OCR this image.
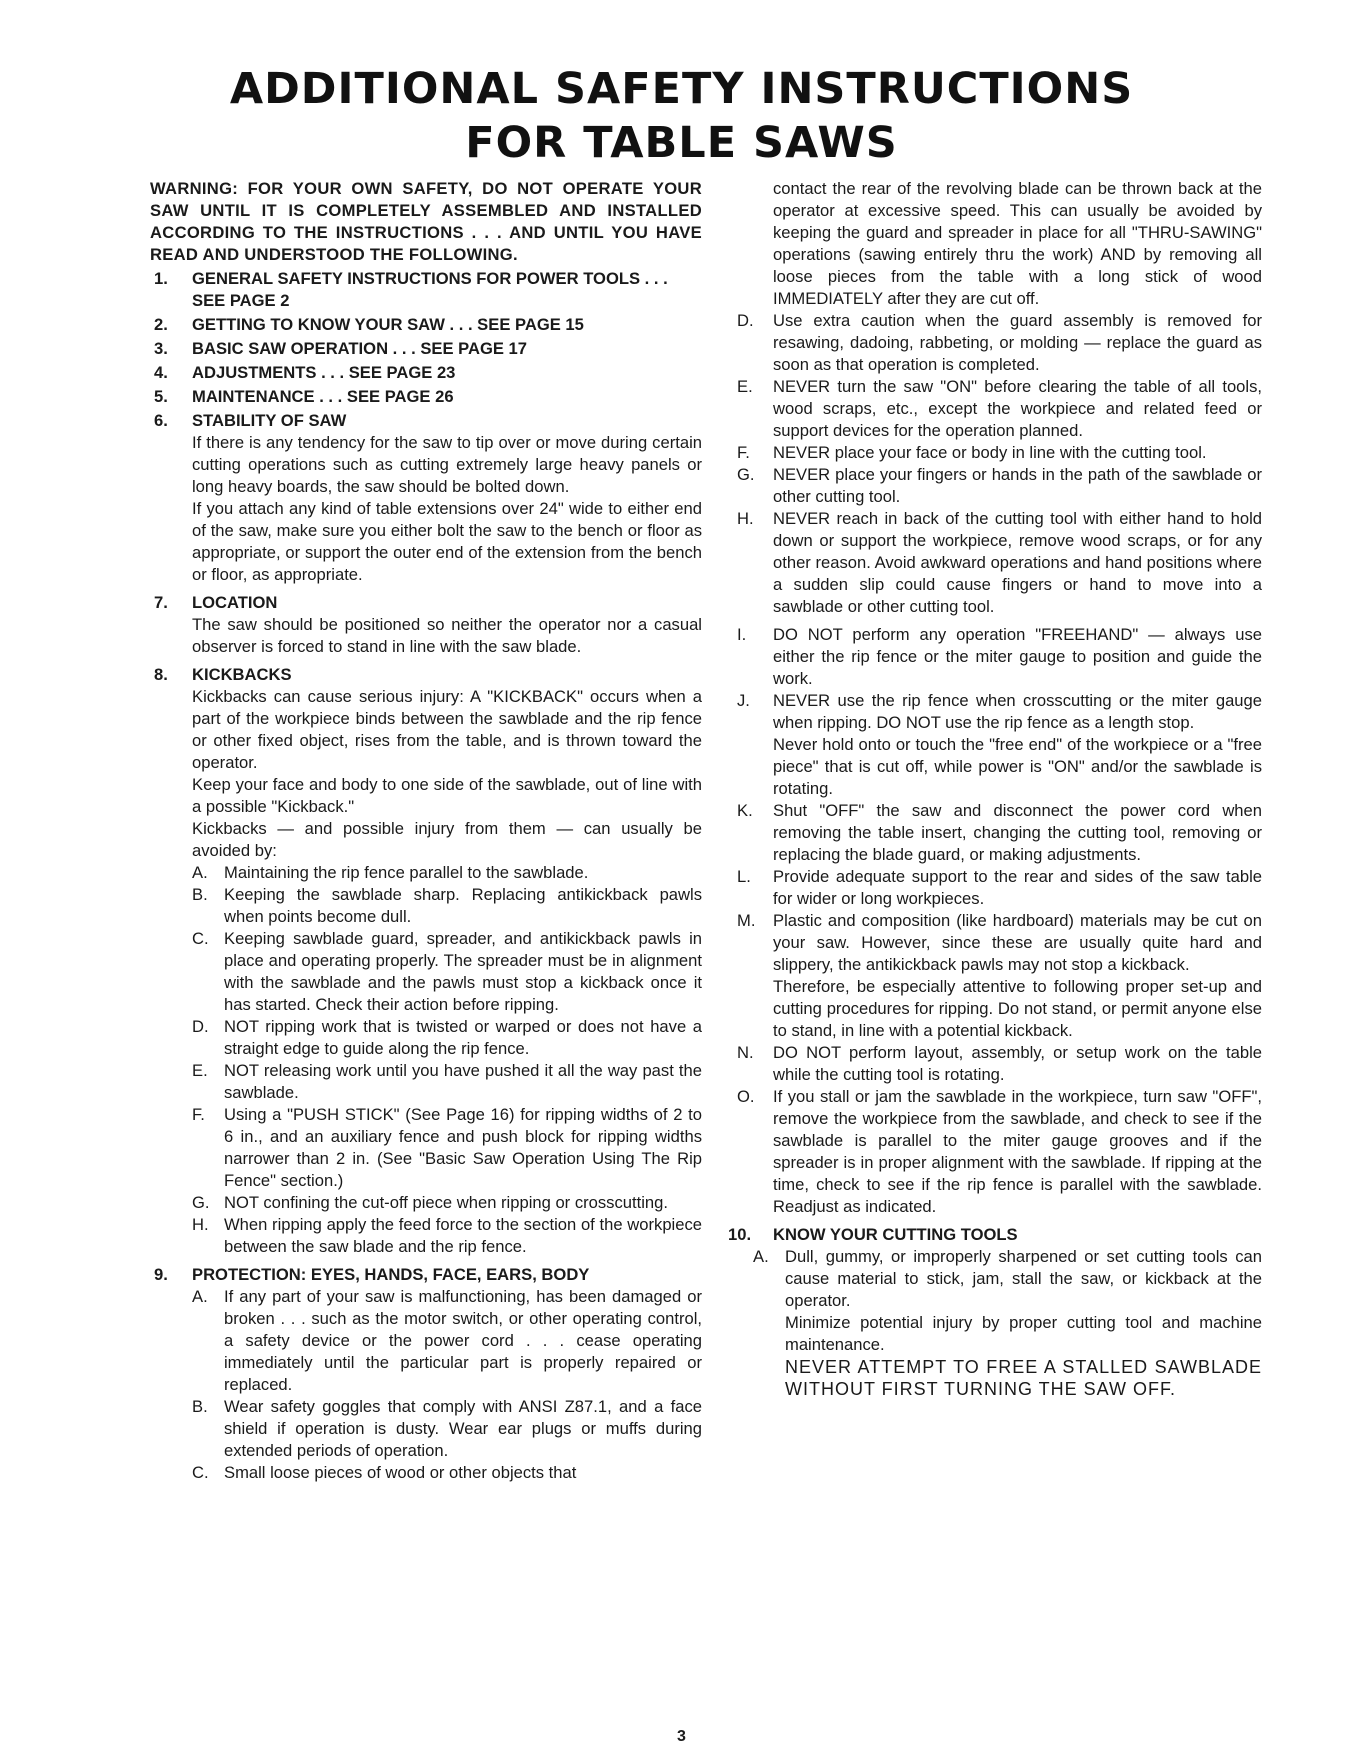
ADDITIONAL SAFETY INSTRUCTIONS
FOR TABLE SAWS

WARNING: FOR YOUR OWN SAFETY, DO NOT OPERATE YOUR SAW UNTIL IT IS COMPLETELY ASSEMBLED AND INSTALLED ACCORDING TO THE INSTRUCTIONS . . . AND UNTIL YOU HAVE READ AND UNDERSTOOD THE FOLLOWING.

1.	GENERAL SAFETY INSTRUCTIONS FOR POWER TOOLS . . . SEE PAGE 2
2.	GETTING TO KNOW YOUR SAW . . . SEE PAGE 15
3.	BASIC SAW OPERATION . . . SEE PAGE 17
4.	ADJUSTMENTS . . . SEE PAGE 23
5.	MAINTENANCE . . . SEE PAGE 26
6.	STABILITY OF SAW

If there is any tendency for the saw to tip over or move during certain cutting operations such as cutting extremely large heavy panels or long heavy boards, the saw should be bolted down.

If you attach any kind of table extensions over 24" wide to either end of the saw, make sure you either bolt the saw to the bench or floor as appropriate, or support the outer end of the extension from the bench or floor, as appropriate.

7.	LOCATION

The saw should be positioned so neither the operator nor a casual observer is forced to stand in line with the saw blade.

8.	KICKBACKS

Kickbacks can cause serious injury: A "KICKBACK" occurs when a part of the workpiece binds between the sawblade and the rip fence or other fixed object, rises from the table, and is thrown toward the operator.

Keep your face and body to one side of the sawblade, out of line with a possible "Kickback."

Kickbacks — and possible injury from them — can usually be avoided by:

A. Maintaining the rip fence parallel to the sawblade.
B. Keeping the sawblade sharp. Replacing antikickback pawls when points become dull.
C. Keeping sawblade guard, spreader, and antikickback pawls in place and operating properly. The spreader must be in alignment with the sawblade and the pawls must stop a kickback once it has started. Check their action before ripping.
D. NOT ripping work that is twisted or warped or does not have a straight edge to guide along the rip fence.
E. NOT releasing work until you have pushed it all the way past the sawblade.
F. Using a "PUSH STICK" (See Page 16) for ripping widths of 2 to 6 in., and an auxiliary fence and push block for ripping widths narrower than 2 in. (See "Basic Saw Operation Using The Rip Fence" section.)
G. NOT confining the cut-off piece when ripping or crosscutting.
H. When ripping apply the feed force to the section of the workpiece between the saw blade and the rip fence.
9.	PROTECTION: EYES, HANDS, FACE, EARS, BODY

A. If any part of your saw is malfunctioning, has been damaged or broken . . . such as the motor switch, or other operating control, a safety device or the power cord . . . cease operating immediately until the particular part is properly repaired or replaced.
B. Wear safety goggles that comply with ANSI Z87.1, and a face shield if operation is dusty. Wear ear plugs or muffs during extended periods of operation.
C. Small loose pieces of wood or other objects that

contact the rear of the revolving blade can be thrown back at the operator at excessive speed. This can usually be avoided by keeping the guard and spreader in place for all "THRU-SAWING" operations (sawing entirely thru the work) AND by removing all loose pieces from the table with a long stick of wood IMMEDIATELY after they are cut off.

D. Use extra caution when the guard assembly is removed for resawing, dadoing, rabbeting, or molding — replace the guard as soon as that operation is completed.
E. NEVER turn the saw "ON" before clearing the table of all tools, wood scraps, etc., except the workpiece and related feed or support devices for the operation planned.
F. NEVER place your face or body in line with the cutting tool.
G. NEVER place your fingers or hands in the path of the sawblade or other cutting tool.
H. NEVER reach in back of the cutting tool with either hand to hold down or support the workpiece, remove wood scraps, or for any other reason. Avoid awkward operations and hand positions where a sudden slip could cause fingers or hand to move into a sawblade or other cutting tool.
I. DO NOT perform any operation "FREEHAND" — always use either the rip fence or the miter gauge to position and guide the work.
J. NEVER use the rip fence when crosscutting or the miter gauge when ripping. DO NOT use the rip fence as a length stop.
Never hold onto or touch the "free end" of the workpiece or a "free piece" that is cut off, while power is "ON" and/or the sawblade is rotating.
K. Shut "OFF" the saw and disconnect the power cord when removing the table insert, changing the cutting tool, removing or replacing the blade guard, or making adjustments.
L. Provide adequate support to the rear and sides of the saw table for wider or long workpieces.
M. Plastic and composition (like hardboard) materials may be cut on your saw. However, since these are usually quite hard and slippery, the antikickback pawls may not stop a kickback.
Therefore, be especially attentive to following proper set-up and cutting procedures for ripping. Do not stand, or permit anyone else to stand, in line with a potential kickback.
N. DO NOT perform layout, assembly, or setup work on the table while the cutting tool is rotating.
O. If you stall or jam the sawblade in the workpiece, turn saw "OFF", remove the workpiece from the sawblade, and check to see if the sawblade is parallel to the miter gauge grooves and if the spreader is in proper alignment with the sawblade. If ripping at the time, check to see if the rip fence is parallel with the sawblade. Readjust as indicated.
10.	KNOW YOUR CUTTING TOOLS

A. Dull, gummy, or improperly sharpened or set cutting tools can cause material to stick, jam, stall the saw, or kickback at the operator.

Minimize potential injury by proper cutting tool and machine maintenance.

NEVER ATTEMPT TO FREE A STALLED SAWBLADE WITHOUT FIRST TURNING THE SAW OFF.

3
